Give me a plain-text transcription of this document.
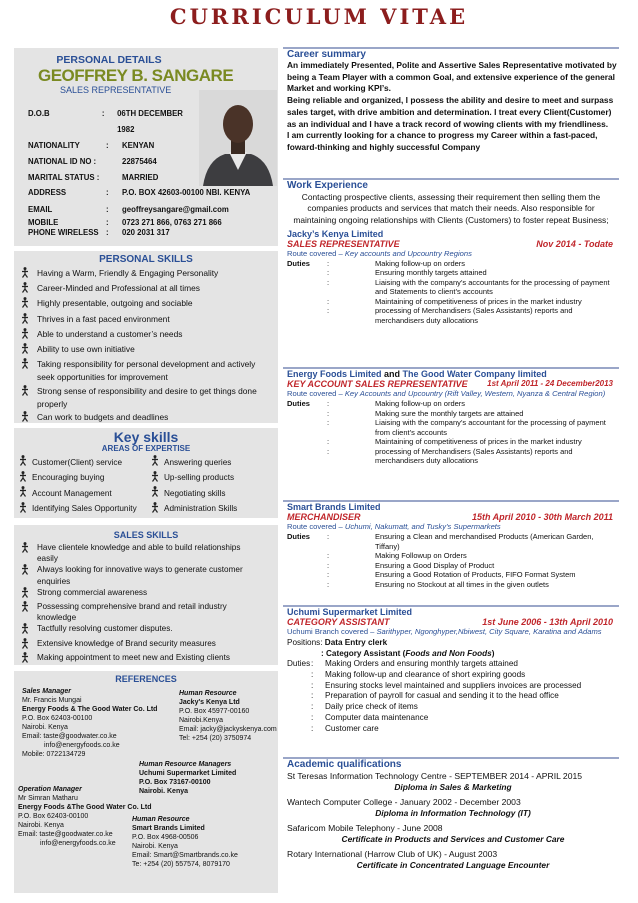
CURRICULUM VITAE
PERSONAL DETAILS
GEOFFREY B. SANGARE
SALES REPRESENTATIVE
D.O.B	:	06TH DECEMBER 1982
NATIONALITY	:	KENYAN
NATIONAL ID NO :	22875464
MARITAL STATUS :	MARRIED
ADDRESS	:	P.O. BOX 42603-00100 NBI. KENYA
EMAIL	:	geoffreysangare@gmail.com
MOBILE	:	0723 271 866, 0763 271 866
PHONE WIRELESS :	020 2031 317
PERSONAL SKILLS
Having a Warm, Friendly & Engaging Personality
Career-Minded and Professional at all times
Highly presentable, outgoing and sociable
Thrives in a fast paced environment
Able to understand a customer’s needs
Ability to use own initiative
Taking responsibility for personal development and actively seek opportunities for improvement
Strong sense of responsibility and desire to get things done properly
Can work to budgets and deadlines
Key skills
AREAS OF EXPERTISE
Customer(Client) service
Encouraging buying
Account Management
Identifying Sales Opportunity
Answering queries
Up-selling products
Negotiating skills
Administration Skills
SALES SKILLS
Have clientele knowledge and able to build relationships easily
Always looking for innovative ways to generate customer enquiries
Strong commercial awareness
Possessing comprehensive brand and retail industry knowledge
Tactfully resolving customer disputes.
Extensive knowledge of Brand security measures
Making appointment to meet new and Existing clients
REFERENCES
Sales Manager
Mr. Francis Mungai
Energy Foods & The Good Water Co. Ltd
P.O. Box 62403-00100
Nairobi. Kenya
Email: taste@goodwater.co.ke
info@energyfoods.co.ke
Mobile: 0722134729
Human Resource
Jacky's Kenya Ltd
P.O. Box 45977-00160
Nairobi.Kenya
Email: jacky@jackyskenya.com
Tel: +254 (20) 3750974
Human Resource Managers
Uchumi Supermarket Limited
P.O. Box 73167-00100
Nairobi. Kenya
Operation Manager
Mr Simran Matharu
Energy Foods &The Good Water Co. Ltd
P.O. Box 62403-00100
Nairobi. Kenya
Email: taste@goodwater.co.ke
info@energyfoods.co.ke
Human Resource
Smart Brands Limited
P.O. Box 4968-00506
Nairobi. Kenya
Email: Smart@Smartbrands.co.ke
Te: +254 (20) 557574, 8079170
Career summary
An immediately Presented, Polite and Assertive Sales Representative motivated by being a Team Player with a common Goal, and extensive experience of the general Market and working KPI’s.
Being reliable and organized, I possess the ability and desire to meet and surpass sales target, with drive ambition and determination. I treat every Client(Customer) as an individual and I have a track record of wowing clients with my friendliness.
I am currently looking for a chance to progress my Career within a fast-paced, foward-thinking and highly successful Company
Work Experience
Contacting prospective clients, assessing their requirement then selling them the companies products and services that match their needs. Also responsible for maintaining ongoing relationships with Clients (Customers) to foster repeat Business;
Jacky’s Kenya Limited
SALES REPRESENTATIVE	Nov 2014 - Todate
Route covered – Key accounts and Upcountry Regions
Duties	:	Making follow-up on orders
:	Ensuring monthly targets attained
:	Liaising with the company’s accountants for the processing of payment and Statements to client’s accounts
:	Maintaining of competitiveness of prices in the market industry
:	processing of Merchandisers (Sales Assistants) reports and merchandisers duty allocations
Energy Foods Limited and The Good Water Company limited
KEY ACCOUNT SALES REPRESENTATIVE 1st April 2011 - 24 December2013
Route covered – Key Accounts and Upcountry (Rift Valley, Western, Nyanza & Central Region)
Duties	:	Making follow-up on orders
:	Making sure the monthly targets are attained
:	Liaising with the company’s accountant for the processing of payment from client’s accounts
:	Maintaining of competitiveness of prices in the market industry
:	processing of Merchandisers (Sales Assistants) reports and merchandisers duty allocations
Smart Brands Limited
MERCHANDISER	15th April 2010 - 30th March 2011
Route covered – Uchumi, Nakumatt, and Tusky’s Supermarkets
Duties	:	Ensuring a Clean and merchandised Products (American Garden, Tiffany)
:	Making Followup on Orders
:	Ensuring a Good Display of Product
:	Ensuring a Good Rotation of Products, FIFO Format System
:	Ensuring no Stockout at all times in the given outlets
Uchumi Supermarket Limited
CATEGORY ASSISTANT	1st June 2006 - 13th April 2010
Uchumi Branch covered – Sarithyper, Ngonghyper,Nbiwest, City Square, Karatina and Adams
Positions: Data Entry clerk
: Category Assistant (Foods and Non Foods)
Duties :	Making Orders and ensuring monthly targets attained
:	Making follow-up and clearance of short expiring goods
:	Ensuring stocks level maintained and suppliers invoices are processed
:	Preparation of payroll for casual and sending it to the head office
:	Daily price check of items
:	Computer data maintenance
:	Customer care
Academic qualifications
St Teresas Information Technology Centre - SEPTEMBER 2014 - APRIL 2015
Diploma in Sales & Marketing
Wantech Computer College - January 2002 - December 2003
Diploma in Information Technology (IT)
Safaricom Mobile Telephony - June 2008
Certificate in Products and Services and Customer Care
Rotary International (Harrow Club of UK) - August 2003
Certificate in Concentrated Language Encounter
